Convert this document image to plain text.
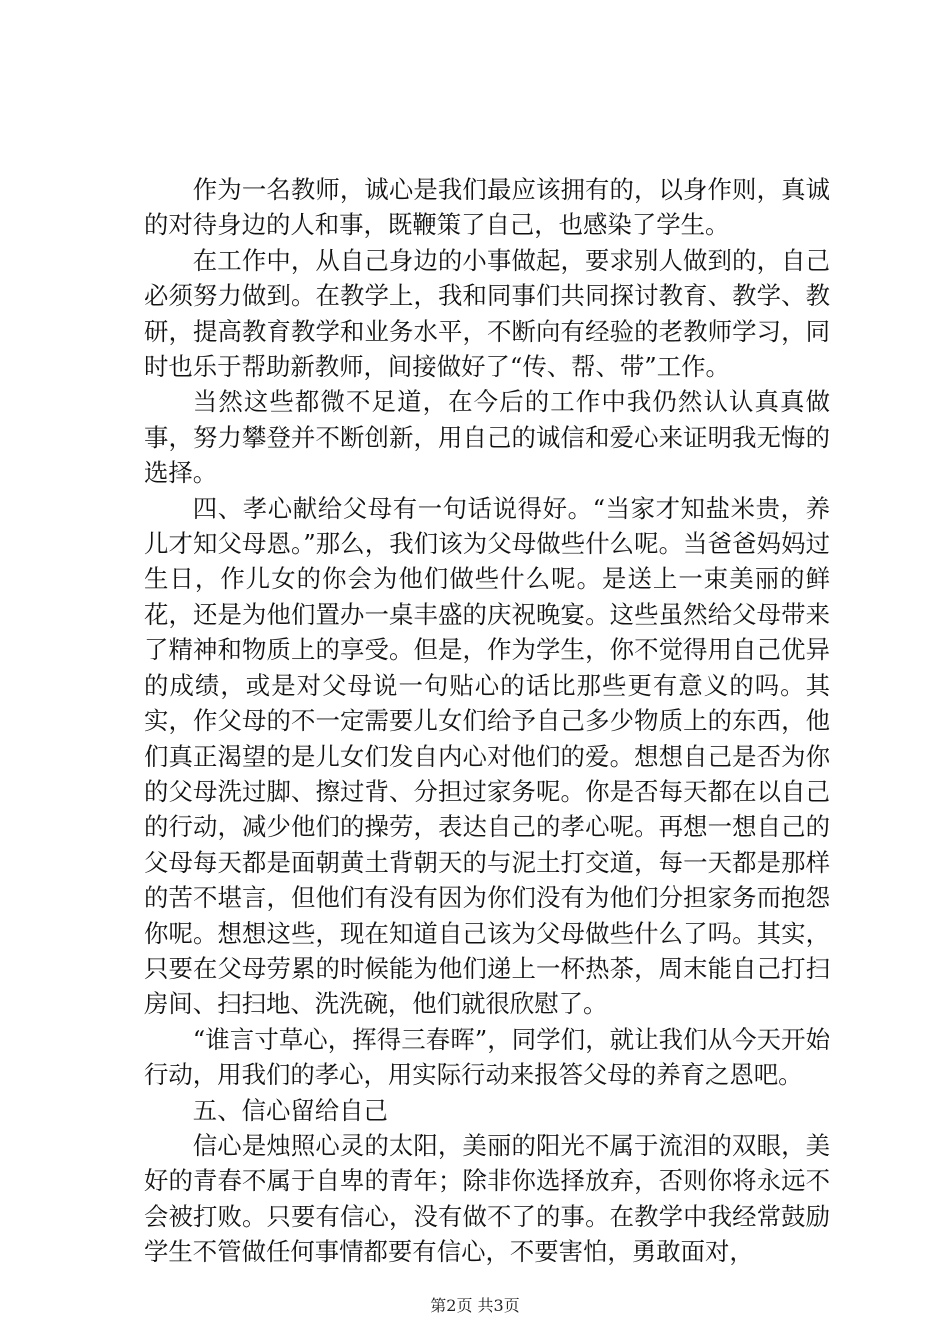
作为一名教师，诚心是我们最应该拥有的，以身作则，真诚的对待身边的人和事，既鞭策了自己，也感染了学生。

在工作中，从自己身边的小事做起，要求别人做到的，自己必须努力做到。在教学上，我和同事们共同探讨教育、教学、教研，提高教育教学和业务水平，不断向有经验的老教师学习，同时也乐于帮助新教师，间接做好了“传、帮、带”工作。

当然这些都微不足道，在今后的工作中我仍然认认真真做事，努力攀登并不断创新，用自己的诚信和爱心来证明我无悔的选择。

四、孝心献给父母有一句话说得好。“当家才知盐米贵，养儿才知父母恩。”那么，我们该为父母做些什么呢。当爸爸妈妈过生日，作儿女的你会为他们做些什么呢。是送上一束美丽的鲜花，还是为他们置办一桌丰盛的庆祝晚宴。这些虽然给父母带来了精神和物质上的享受。但是，作为学生，你不觉得用自己优异的成绩，或是对父母说一句贴心的话比那些更有意义的吗。其实，作父母的不一定需要儿女们给予自己多少物质上的东西，他们真正渴望的是儿女们发自内心对他们的爱。想想自己是否为你的父母洗过脚、擦过背、分担过家务呢。你是否每天都在以自己的行动，减少他们的操劳，表达自己的孝心呢。再想一想自己的父母每天都是面朝黄土背朝天的与泥土打交道，每一天都是那样的苦不堪言，但他们有没有因为你们没有为他们分担家务而抱怨你呢。想想这些，现在知道自己该为父母做些什么了吗。其实，只要在父母劳累的时候能为他们递上一杯热茶，周末能自己打扫房间、扫扫地、洗洗碗，他们就很欣慰了。

“谁言寸草心，挥得三春晖”，同学们，就让我们从今天开始行动，用我们的孝心，用实际行动来报答父母的养育之恩吧。

五、信心留给自己

信心是烛照心灵的太阳，美丽的阳光不属于流泪的双眼，美好的青春不属于自卑的青年；除非你选择放弃，否则你将永远不会被打败。只要有信心，没有做不了的事。在教学中我经常鼓励学生不管做任何事情都要有信心，不要害怕，勇敢面对，

第2页 共3页
